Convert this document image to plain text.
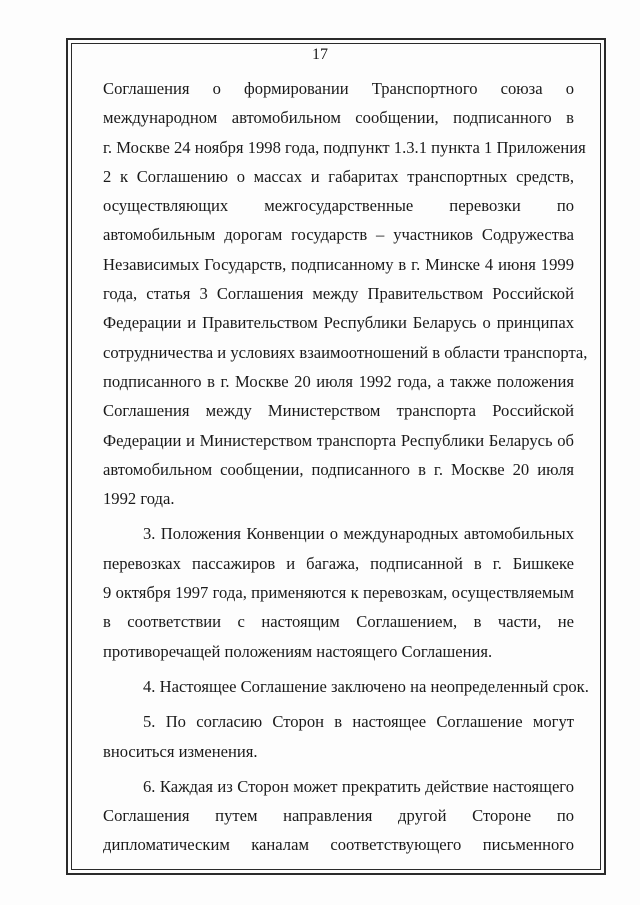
17

Соглашения о формировании Транспортного союза о
международном автомобильном сообщении, подписанного в
г. Москве 24 ноября 1998 года, подпункт 1.3.1 пункта 1 Приложения
2 к Соглашению о массах и габаритах транспортных средств,
осуществляющих межгосударственные перевозки по
автомобильным дорогам государств – участников Содружества
Независимых Государств, подписанному в г. Минске 4 июня 1999
года, статья 3 Соглашения между Правительством Российской
Федерации и Правительством Республики Беларусь о принципах
сотрудничества и условиях взаимоотношений в области транспорта,
подписанного в г. Москве 20 июля 1992 года, а также положения
Соглашения между Министерством транспорта Российской
Федерации и Министерством транспорта Республики Беларусь об
автомобильном сообщении, подписанного в г. Москве 20 июля
1992 года.

3. Положения Конвенции о международных автомобильных
перевозках пассажиров и багажа, подписанной в г. Бишкеке
9 октября 1997 года, применяются к перевозкам, осуществляемым
в соответствии с настоящим Соглашением, в части, не
противоречащей положениям настоящего Соглашения.

4. Настоящее Соглашение заключено на неопределенный срок.

5. По согласию Сторон в настоящее Соглашение могут
вноситься изменения.

6. Каждая из Сторон может прекратить действие настоящего
Соглашения путем направления другой Стороне по
дипломатическим каналам соответствующего письменного
